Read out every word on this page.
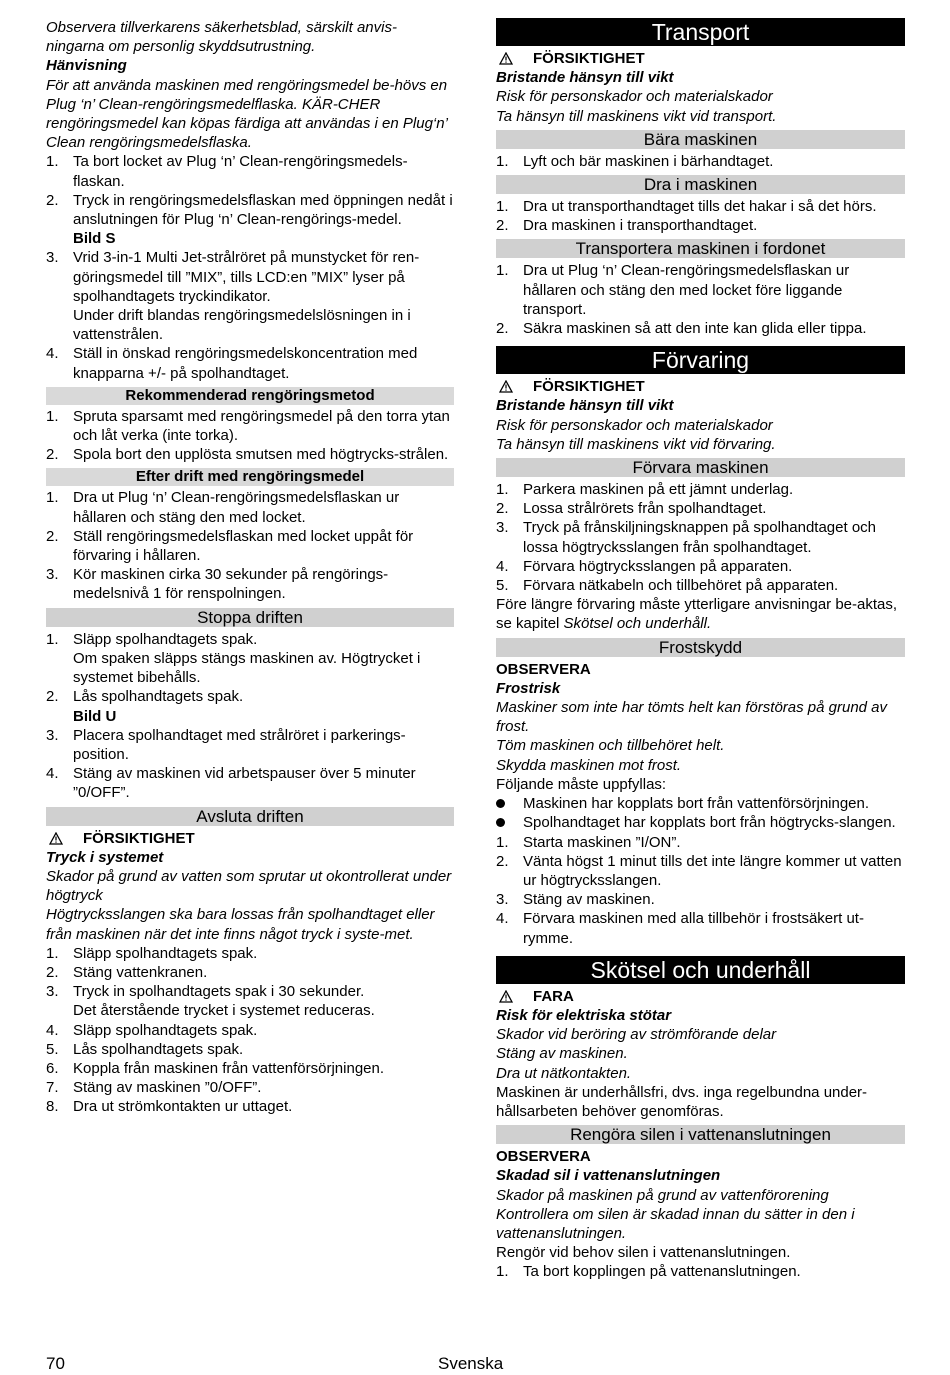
Observera tillverkarens säkerhetsblad, särskilt anvis-ningarna om personlig skyddsutrustning.

Hänvisning

För att använda maskinen med rengöringsmedel be-hövs en Plug ‘n’ Clean-rengöringsmedelflaska. KÄR-CHER rengöringsmedel kan köpas färdiga att användas i en Plug‘n’ Clean rengöringsmedelsflaska.

1. Ta bort locket av Plug ‘n’ Clean-rengöringsmedels-flaskan.
2. Tryck in rengöringsmedelsflaskan med öppningen nedåt i anslutningen för Plug ‘n’ Clean-rengörings-medel.
Bild S
3. Vrid 3-in-1 Multi Jet-strålröret på munstycket för ren-göringsmedel till ”MIX”, tills LCD:en ”MIX” lyser på spolhandtagets tryckindikator.
Under drift blandas rengöringsmedelslösningen in i vattenstrålen.
4. Ställ in önskad rengöringsmedelskoncentration med knapparna +/- på spolhandtaget.
Rekommenderad rengöringsmetod
1. Spruta sparsamt med rengöringsmedel på den torra ytan och låt verka (inte torka).
2. Spola bort den upplösta smutsen med högtrycks-strålen.
Efter drift med rengöringsmedel
1. Dra ut Plug ‘n’ Clean-rengöringsmedelsflaskan ur hållaren och stäng den med locket.
2. Ställ rengöringsmedelsflaskan med locket uppåt för förvaring i hållaren.
3. Kör maskinen cirka 30 sekunder på rengörings-medelsnivå 1 för renspolningen.
Stoppa driften
1. Släpp spolhandtagets spak.
Om spaken släpps stängs maskinen av. Högtrycket i systemet bibehålls.
2. Lås spolhandtagets spak.
Bild U
3. Placera spolhandtaget med strålröret i parkerings-position.
4. Stäng av maskinen vid arbetspauser över 5 minuter ”0/OFF”.
Avsluta driften
FÖRSIKTIGHET

Tryck i systemet

Skador på grund av vatten som sprutar ut okontrollerat under högtryck

Högtrycksslangen ska bara lossas från spolhandtaget eller från maskinen när det inte finns något tryck i syste-met.

1. Släpp spolhandtagets spak.
2. Stäng vattenkranen.
3. Tryck in spolhandtagets spak i 30 sekunder.
Det återstående trycket i systemet reduceras.
4. Släpp spolhandtagets spak.
5. Lås spolhandtagets spak.
6. Koppla från maskinen från vattenförsörjningen.
7. Stäng av maskinen ”0/OFF”.
8. Dra ut strömkontakten ur uttaget.
Transport
FÖRSIKTIGHET

Bristande hänsyn till vikt

Risk för personskador och materialskador

Ta hänsyn till maskinens vikt vid transport.

Bära maskinen
1. Lyft och bär maskinen i bärhandtaget.
Dra i maskinen
1. Dra ut transporthandtaget tills det hakar i så det hörs.
2. Dra maskinen i transporthandtaget.
Transportera maskinen i fordonet
1. Dra ut Plug ‘n’ Clean-rengöringsmedelsflaskan ur hållaren och stäng den med locket före liggande transport.
2. Säkra maskinen så att den inte kan glida eller tippa.
Förvaring
FÖRSIKTIGHET

Bristande hänsyn till vikt

Risk för personskador och materialskador

Ta hänsyn till maskinens vikt vid förvaring.

Förvara maskinen
1. Parkera maskinen på ett jämnt underlag.
2. Lossa strålrörets från spolhandtaget.
3. Tryck på frånskiljningsknappen på spolhandtaget och lossa högtrycksslangen från spolhandtaget.
4. Förvara högtrycksslangen på apparaten.
5. Förvara nätkabeln och tillbehöret på apparaten.

Före längre förvaring måste ytterligare anvisningar be-aktas, se kapitel Skötsel och underhåll.

Frostskydd

OBSERVERA

Frostrisk

Maskiner som inte har tömts helt kan förstöras på grund av frost.

Töm maskinen och tillbehöret helt.

Skydda maskinen mot frost.

Följande måste uppfyllas:

Maskinen har kopplats bort från vattenförsörjningen.
Spolhandtaget har kopplats bort från högtrycks-slangen.
1. Starta maskinen ”I/ON”.
2. Vänta högst 1 minut tills det inte längre kommer ut vatten ur högtrycksslangen.
3. Stäng av maskinen.
4. Förvara maskinen med alla tillbehör i frostsäkert ut-rymme.
Skötsel och underhåll
FARA

Risk för elektriska stötar

Skador vid beröring av strömförande delar

Stäng av maskinen.

Dra ut nätkontakten.

Maskinen är underhållsfri, dvs. inga regelbundna under-hållsarbeten behöver genomföras.

Rengöra silen i vattenanslutningen

OBSERVERA

Skadad sil i vattenanslutningen

Skador på maskinen på grund av vattenförorening

Kontrollera om silen är skadad innan du sätter in den i vattenanslutningen.

Rengör vid behov silen i vattenanslutningen.

1. Ta bort kopplingen på vattenanslutningen.
70	Svenska
